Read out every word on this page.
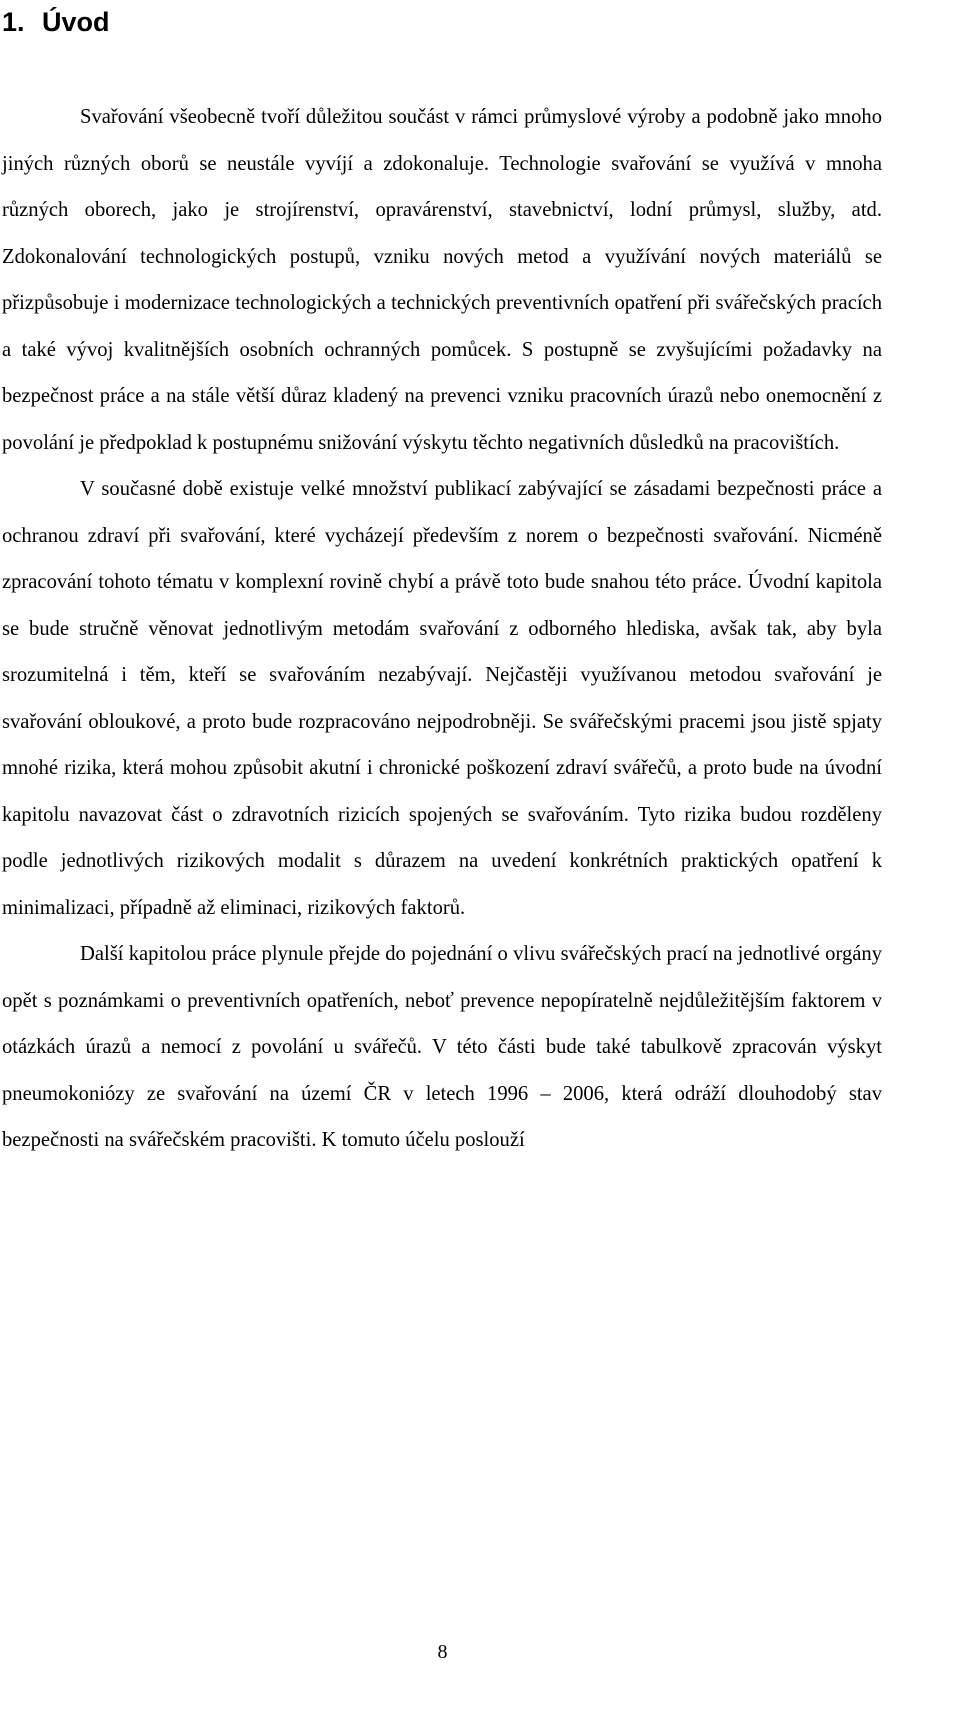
1. Úvod

Svařování všeobecně tvoří důležitou součást v rámci průmyslové výroby a podobně jako mnoho jiných různých oborů se neustále vyvíjí a zdokonaluje. Technologie svařování se využívá v mnoha různých oborech, jako je strojírenství, opravárenství, stavebnictví, lodní průmysl, služby, atd. Zdokonalování technologických postupů, vzniku nových metod a využívání nových materiálů se přizpůsobuje i modernizace technologických a technických preventivních opatření při svářečských pracích a také vývoj kvalitnějších osobních ochranných pomůcek. S postupně se zvyšujícími požadavky na bezpečnost práce a na stále větší důraz kladený na prevenci vzniku pracovních úrazů nebo onemocnění z povolání je předpoklad k postupnému snižování výskytu těchto negativních důsledků na pracovištích.

V současné době existuje velké množství publikací zabývající se zásadami bezpečnosti práce a ochranou zdraví při svařování, které vycházejí především z norem o bezpečnosti svařování. Nicméně zpracování tohoto tématu v komplexní rovině chybí a právě toto bude snahou této práce. Úvodní kapitola se bude stručně věnovat jednotlivým metodám svařování z odborného hlediska, avšak tak, aby byla srozumitelná i těm, kteří se svařováním nezabývají. Nejčastěji využívanou metodou svařování je svařování obloukové, a proto bude rozpracováno nejpodrobněji. Se svářečskými pracemi jsou jistě spjaty mnohé rizika, která mohou způsobit akutní i chronické poškození zdraví svářečů, a proto bude na úvodní kapitolu navazovat část o zdravotních rizicích spojených se svařováním. Tyto rizika budou rozděleny podle jednotlivých rizikových modalit s důrazem na uvedení konkrétních praktických opatření k minimalizaci, případně až eliminaci, rizikových faktorů.

Další kapitolou práce plynule přejde do pojednání o vlivu svářečských prací na jednotlivé orgány opět s poznámkami o preventivních opatřeních, neboť prevence nepopíratelně nejdůležitějším faktorem v otázkách úrazů a nemocí z povolání u svářečů. V této části bude také tabulkově zpracován výskyt pneumokoniózy ze svařování na území ČR v letech 1996 – 2006, která odráží dlouhodobý stav bezpečnosti na svářečském pracovišti. K tomuto účelu poslouží

8
